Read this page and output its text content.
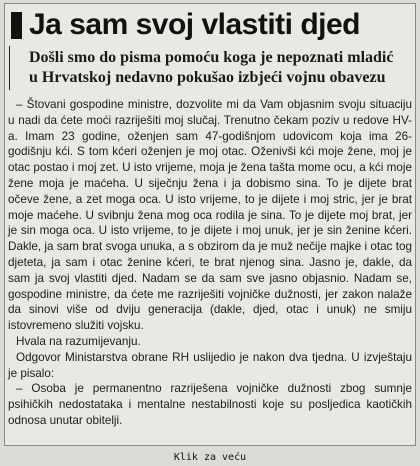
Ja sam svoj vlastiti djed
Došli smo do pisma pomoću koga je nepoznati mladić
u Hrvatskoj nedavno pokušao izbjeći vojnu obavezu

– Štovani gospodine ministre, dozvolite mi da Vam objasnim svoju situaciju u nadi da ćete moći razriješiti moj slučaj. Trenutno čekam poziv u redove HV-a. Imam 23 godine, oženjen sam 47-godišnjom udovicom koja ima 26-godišnju kći. S tom kćeri oženjen je moj otac. Oženivši kći moje žene, moj je otac postao i moj zet. U isto vrijeme, moja je žena tašta mome ocu, a kći moje žene moja je maćeha. U siječnju žena i ja dobismo sina. To je dijete brat očeve žene, a zet moga oca. U isto vrijeme, to je dijete i moj stric, jer je brat moje maćehe. U svibnju žena mog oca rodila je sina. To je dijete moj brat, jer je sin moga oca. U isto vrijeme, to je dijete i moj unuk, jer je sin ženine kćeri. Dakle, ja sam brat svoga unuka, a s obzirom da je muž nečije majke i otac tog djeteta, ja sam i otac ženine kćeri, te brat njenog sina. Jasno je, dakle, da sam ja svoj vlastiti djed. Nadam se da sam sve jasno objasnio. Nadam se, gospodine ministre, da ćete me razriješiti vojničke dužnosti, jer zakon nalaže da sinovi više od dviju generacija (dakle, djed, otac i unuk) ne smiju istovremeno služiti vojsku.

Hvala na razumijevanju.

Odgovor Ministarstva obrane RH uslijedio je nakon dva tjedna. U izvještaju je pisalo:

– Osoba je permanentno razriješena vojničke dužnosti zbog sumnje psihičkih nedostataka i mentalne nestabilnosti koje su posljedica kaotičkih odnosa unutar obitelji.

Klik za veću
